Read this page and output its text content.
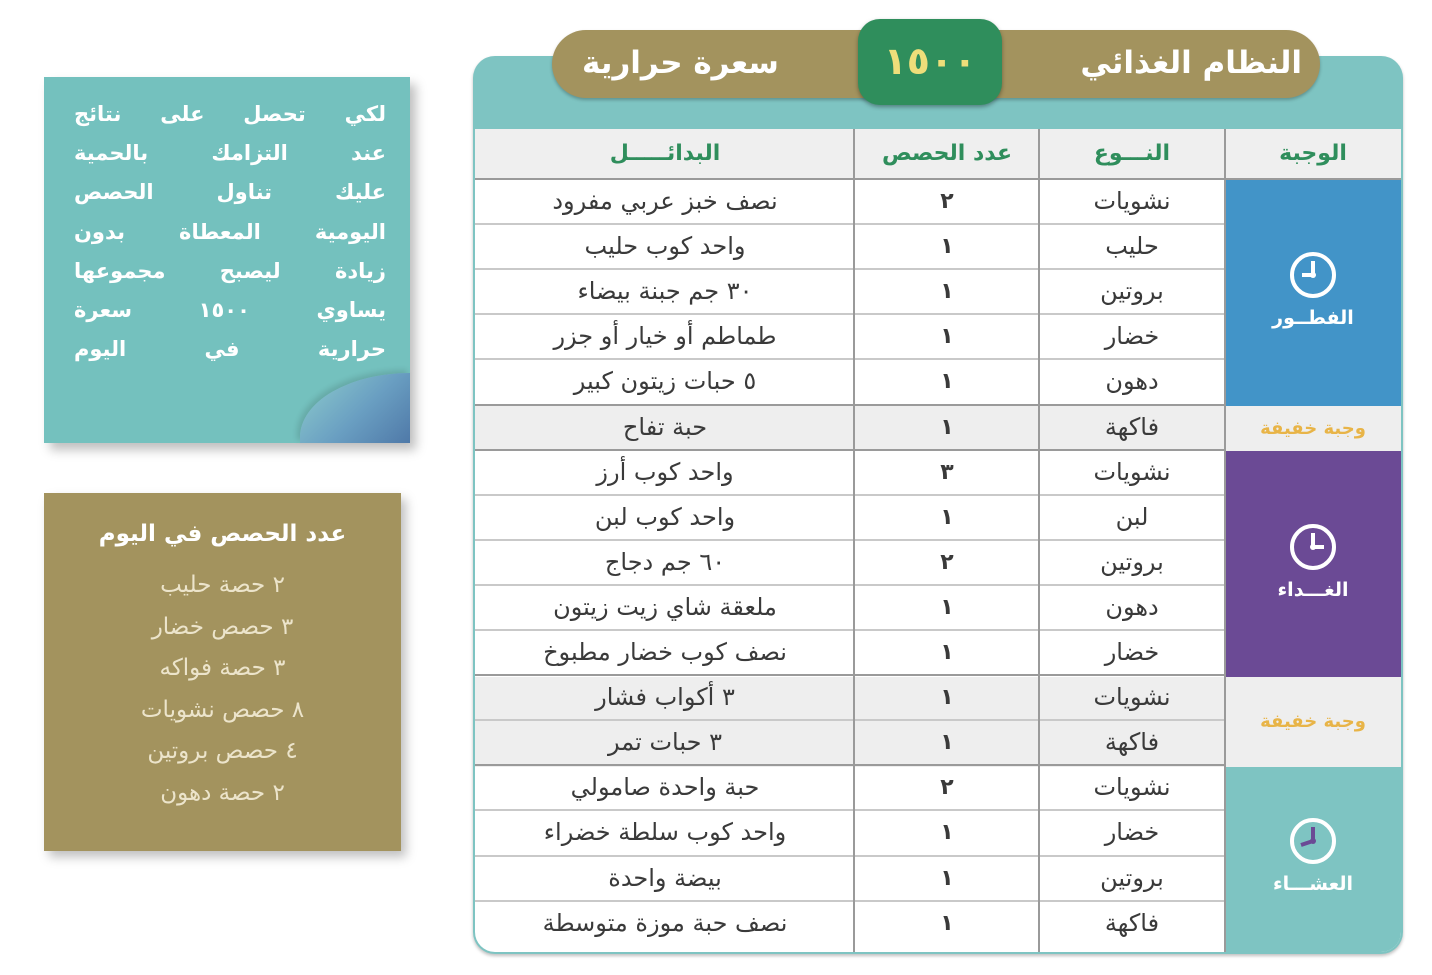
لكي تحصل على نتائج
عند التزامك بالحمية
عليك تناول الحصص
اليومية المعطاة بدون
زيادة ليصبح مجموعها
يساوي ١٥٠٠ سعرة
حرارية في اليوم
عدد الحصص في اليوم
٢ حصة حليب
٣ حصص خضار
٣ حصة فواكه
٨ حصص نشويات
٤ حصص بروتين
٢ حصة دهون
الفطــور
وجبة خفيفة
الغـــداء
وجبة خفيفة
العشـــاء
الوجبة
النـــوع
عدد الحصص
البدائـــــل
نشويات
٢
نصف خبز عربي مفرود
حليب
١
واحد كوب حليب
بروتين
١
٣٠ جم جبنة بيضاء
خضار
١
طماطم أو خيار أو جزر
دهون
١
٥ حبات زيتون كبير
فاكهة
١
حبة تفاح
نشويات
٣
واحد كوب أرز
لبن
١
واحد كوب لبن
بروتين
٢
٦٠ جم دجاج
دهون
١
ملعقة شاي زيت زيتون
خضار
١
نصف كوب خضار مطبوخ
نشويات
١
٣ أكواب فشار
فاكهة
١
٣ حبات تمر
نشويات
٢
حبة واحدة صامولي
خضار
١
واحد كوب سلطة خضراء
بروتين
١
بيضة واحدة
فاكهة
١
نصف حبة موزة متوسطة
النظام الغذائي
سعرة حرارية	١٥٠٠
